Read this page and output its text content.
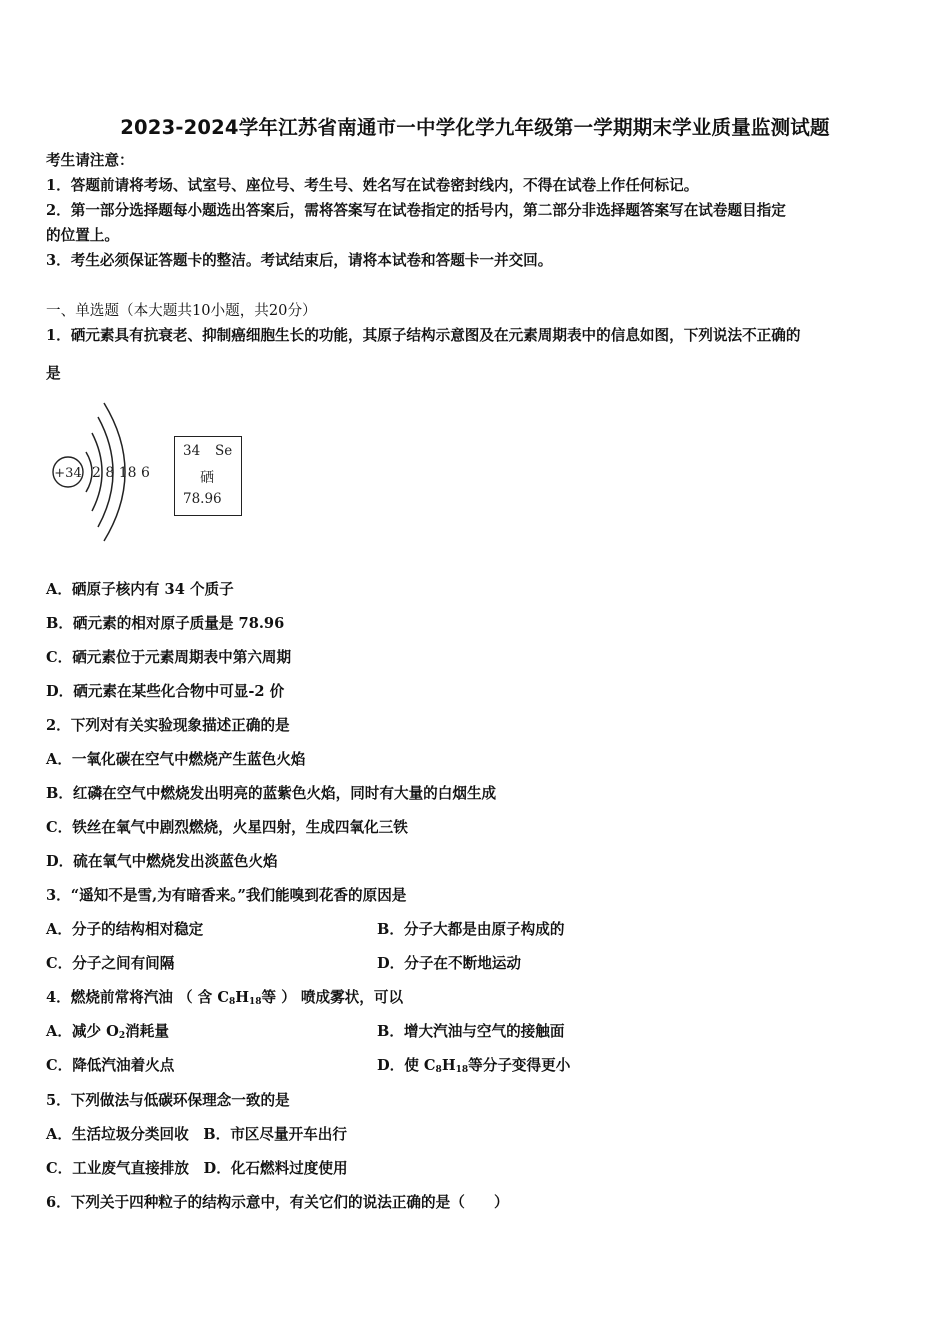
2023-2024学年江苏省南通市一中学化学九年级第一学期期末学业质量监测试题
考生请注意：
1．答题前请将考场、试室号、座位号、考生号、姓名写在试卷密封线内，不得在试卷上作任何标记。
2．第一部分选择题每小题选出答案后，需将答案写在试卷指定的括号内，第二部分非选择题答案写在试卷题目指定
的位置上。
3．考生必须保证答题卡的整洁。考试结束后，请将本试卷和答题卡一并交回。
一、单选题（本大题共10小题，共20分）
1．硒元素具有抗衰老、抑制癌细胞生长的功能，其原子结构示意图及在元素周期表中的信息如图，下列说法不正确的
是
+34 2 8 18 6
34 Se
硒
78.96
A．硒原子核内有 34 个质子
B．硒元素的相对原子质量是 78.96
C．硒元素位于元素周期表中第六周期
D．硒元素在某些化合物中可显-2 价
2．下列对有关实验现象描述正确的是
A．一氧化碳在空气中燃烧产生蓝色火焰
B．红磷在空气中燃烧发出明亮的蓝紫色火焰，同时有大量的白烟生成
C．铁丝在氧气中剧烈燃烧，火星四射，生成四氧化三铁
D．硫在氧气中燃烧发出淡蓝色火焰
3．“遥知不是雪,为有暗香来。”我们能嗅到花香的原因是
A．分子的结构相对稳定	B．分子大都是由原子构成的
C．分子之间有间隔	D．分子在不断地运动
4．燃烧前常将汽油 （ 含 $C_8H_{18}$等 ） 喷成雾状，可以
A．减少 $O_2$消耗量	B．增大汽油与空气的接触面
C．降低汽油着火点	D．使 $C_8H_{18}$等分子变得更小
5．下列做法与低碳环保理念一致的是
A．生活垃圾分类回收　B．市区尽量开车出行
C．工业废气直接排放　D．化石燃料过度使用
6．下列关于四种粒子的结构示意中，有关它们的说法正确的是（　　）
